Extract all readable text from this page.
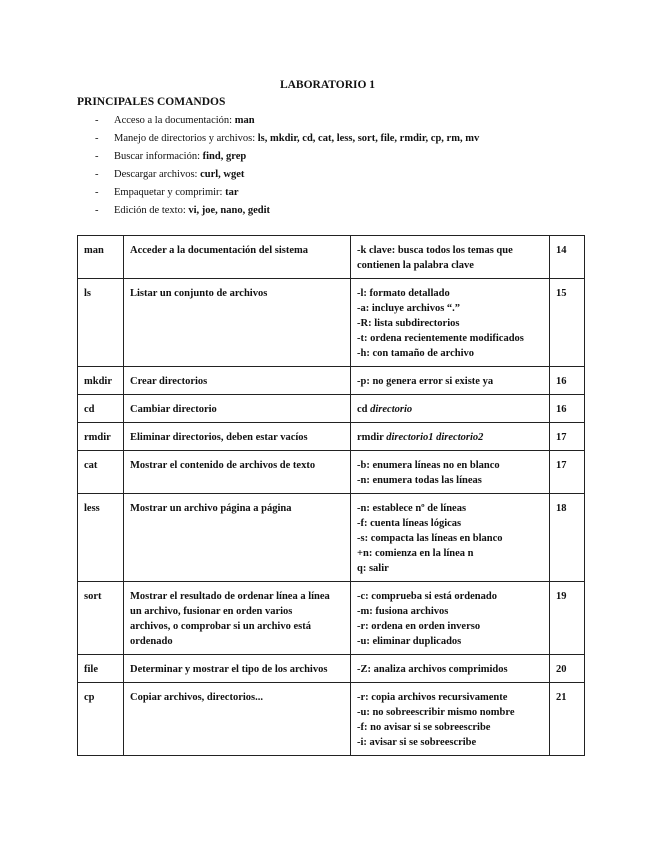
LABORATORIO 1
PRINCIPALES COMANDOS
- Acceso a la documentación: man
- Manejo de directorios y archivos: ls, mkdir, cd, cat, less, sort, file, rmdir, cp, rm, mv
- Buscar información: find, grep
- Descargar archivos: curl, wget
- Empaquetar y comprimir: tar
- Edición de texto: vi, joe, nano, gedit
man	Acceder a la documentación del sistema	-k clave: busca todos los temas que
contienen la palabra clave	14
ls	Listar un conjunto de archivos	-l: formato detallado
-a: incluye archivos “.”
-R: lista subdirectorios
-t: ordena recientemente modificados
-h: con tamaño de archivo	15
mkdir	Crear directorios	-p: no genera error si existe ya	16
cd	Cambiar directorio	cd directorio	16
rmdir	Eliminar directorios, deben estar vacíos	rmdir directorio1 directorio2	17
cat	Mostrar el contenido de archivos de texto	-b: enumera líneas no en blanco
-n: enumera todas las líneas	17
less	Mostrar un archivo página a página	-n: establece nº de líneas
-f: cuenta líneas lógicas
-s: compacta las líneas en blanco
+n: comienza en la línea n
q: salir	18
sort	Mostrar el resultado de ordenar línea a línea
un archivo, fusionar en orden varios
archivos, o comprobar si un archivo está
ordenado	-c: comprueba si está ordenado
-m: fusiona archivos
-r: ordena en orden inverso
-u: eliminar duplicados	19
file	Determinar y mostrar el tipo de los archivos	-Z: analiza archivos comprimidos	20
cp	Copiar archivos, directorios...	-r: copia archivos recursivamente
-u: no sobreescribir mismo nombre
-f: no avisar si se sobreescribe
-i: avisar si se sobreescribe	21
